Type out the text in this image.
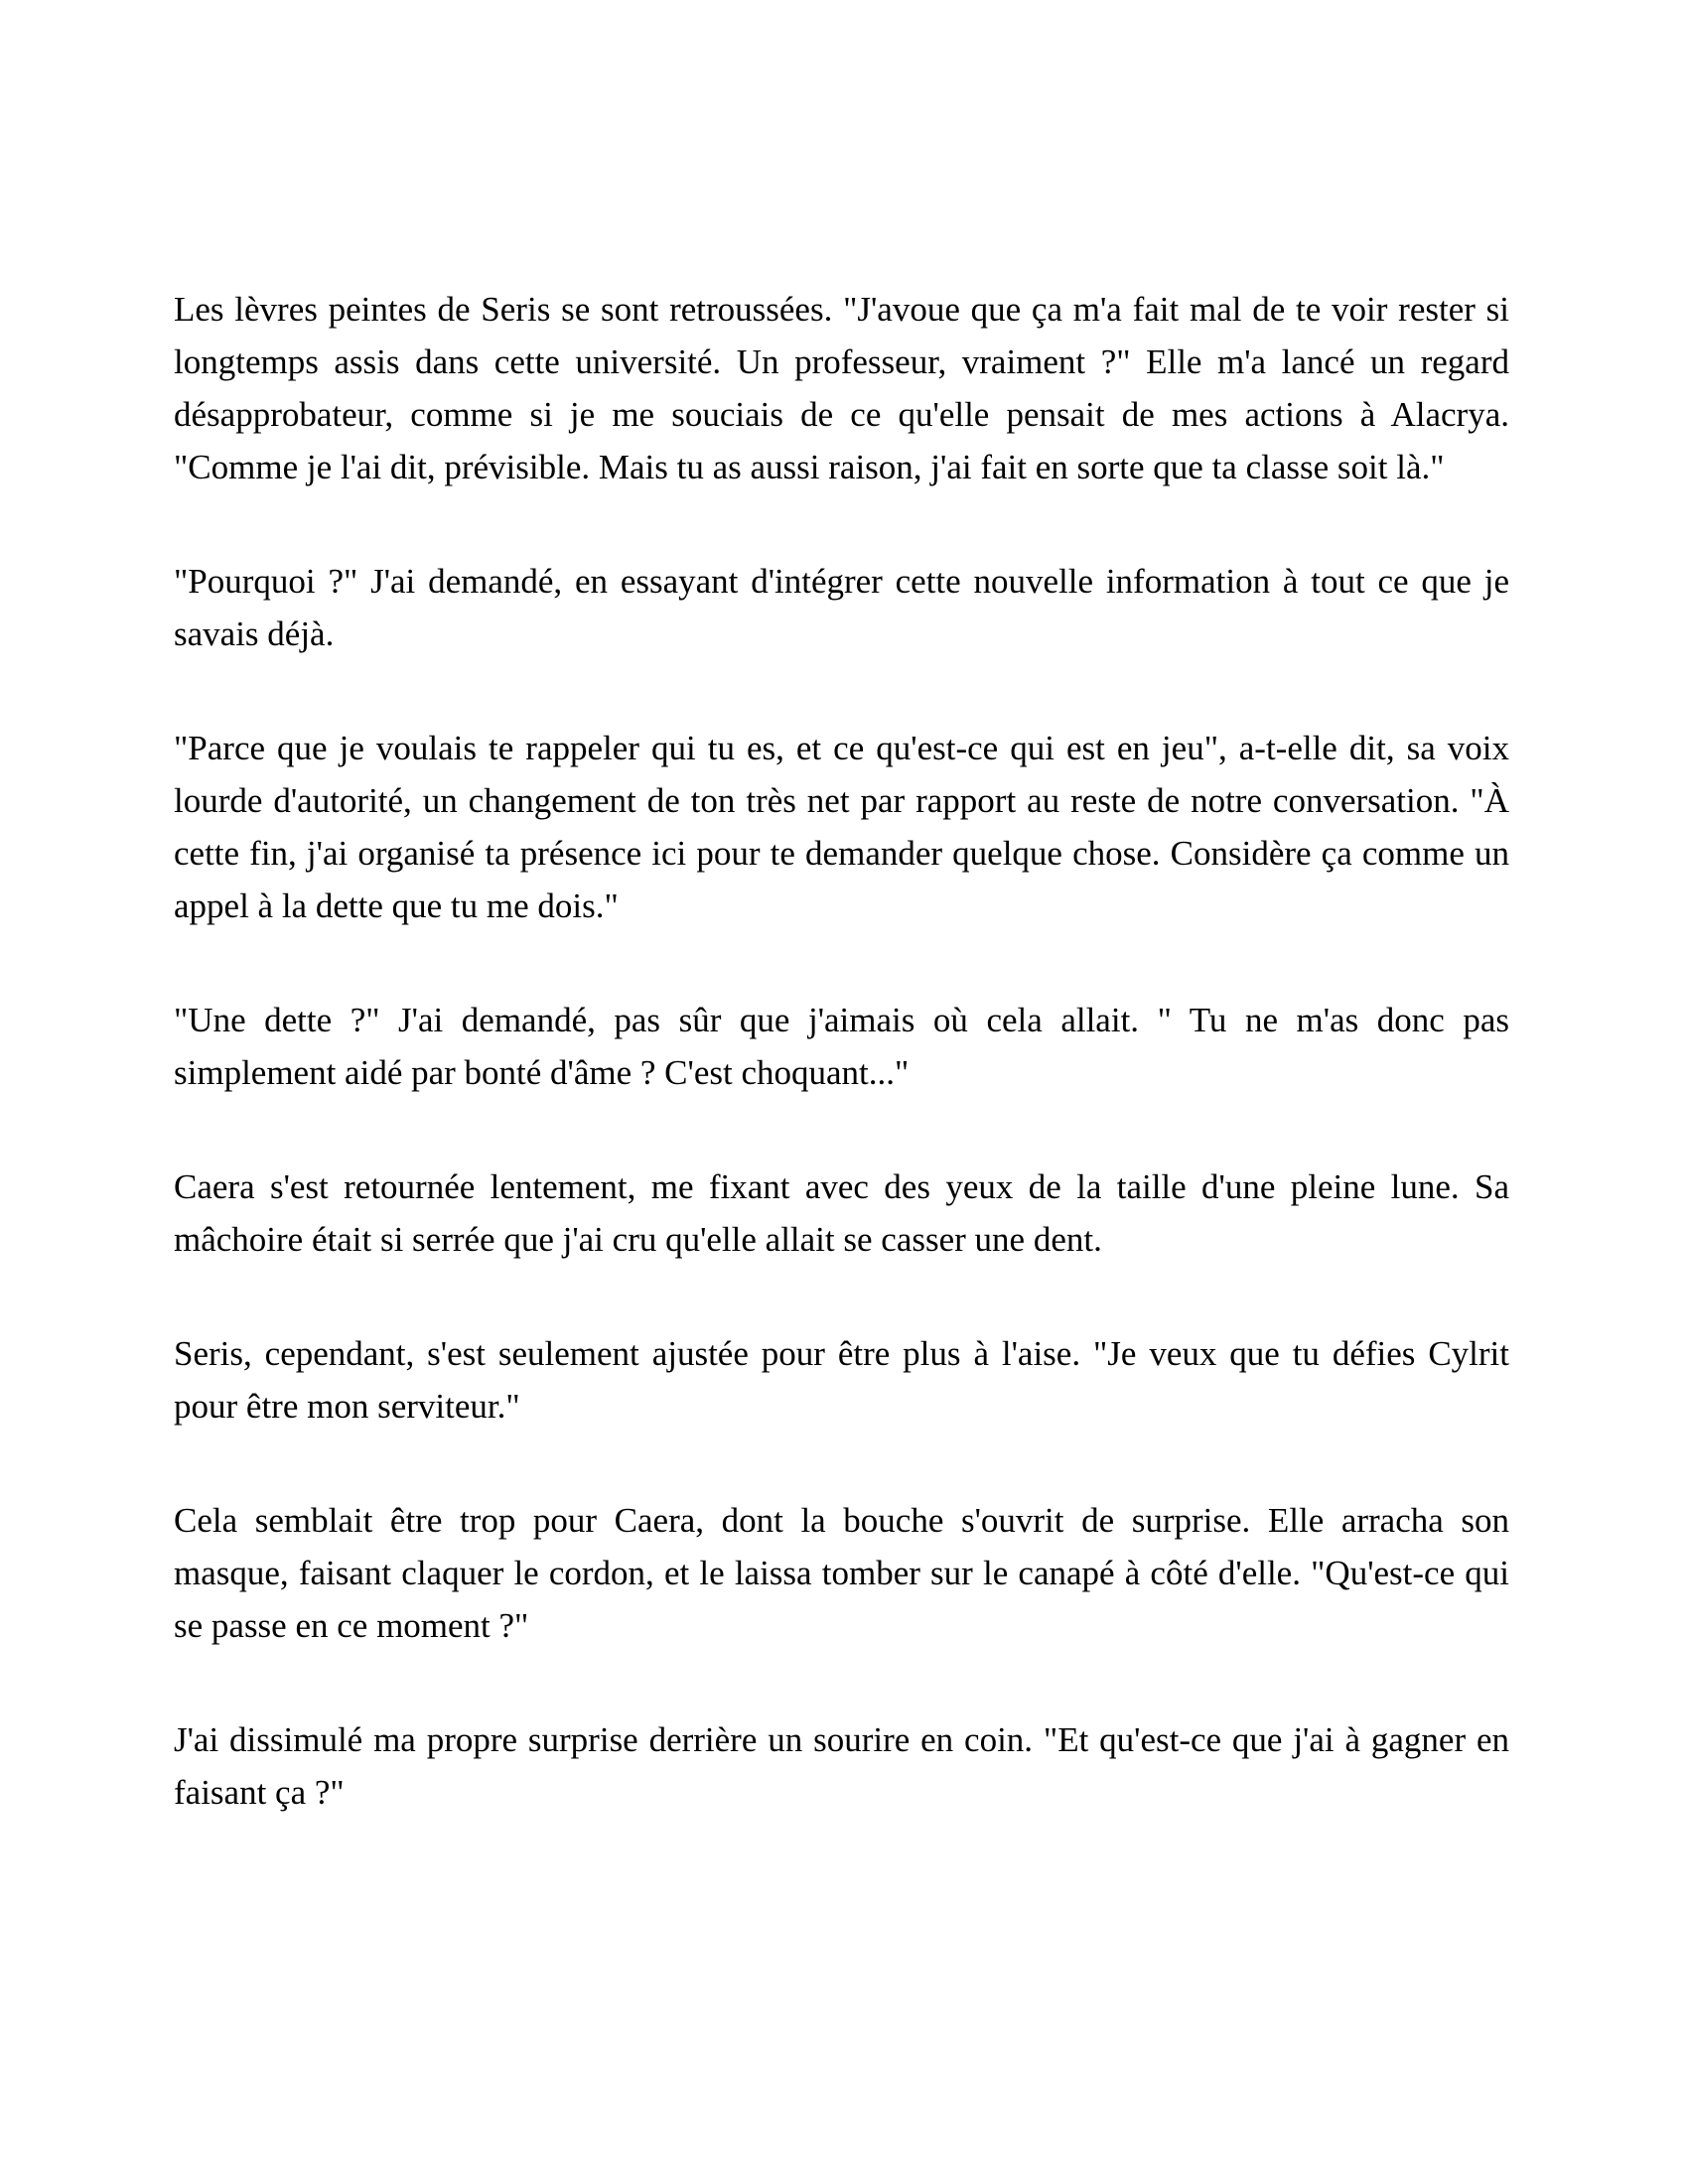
Les lèvres peintes de Seris se sont retroussées. "J'avoue que ça m'a fait mal de te voir rester si longtemps assis dans cette université. Un professeur, vraiment ?" Elle m'a lancé un regard désapprobateur, comme si je me souciais de ce qu'elle pensait de mes actions à Alacrya. "Comme je l'ai dit, prévisible. Mais tu as aussi raison, j'ai fait en sorte que ta classe soit là."

"Pourquoi ?" J'ai demandé, en essayant d'intégrer cette nouvelle information à tout ce que je savais déjà.

"Parce que je voulais te rappeler qui tu es, et ce qu'est-ce qui est en jeu", a-t-elle dit, sa voix lourde d'autorité, un changement de ton très net par rapport au reste de notre conversation. "À cette fin, j'ai organisé ta présence ici pour te demander quelque chose. Considère ça comme un appel à la dette que tu me dois."

"Une dette ?" J'ai demandé, pas sûr que j'aimais où cela allait. " Tu ne m'as donc pas simplement aidé par bonté d'âme ? C'est choquant..."

Caera s'est retournée lentement, me fixant avec des yeux de la taille d'une pleine lune. Sa mâchoire était si serrée que j'ai cru qu'elle allait se casser une dent.

Seris, cependant, s'est seulement ajustée pour être plus à l'aise. "Je veux que tu défies Cylrit pour être mon serviteur."

Cela semblait être trop pour Caera, dont la bouche s'ouvrit de surprise. Elle arracha son masque, faisant claquer le cordon, et le laissa tomber sur le canapé à côté d'elle. "Qu'est-ce qui se passe en ce moment ?"

J'ai dissimulé ma propre surprise derrière un sourire en coin. "Et qu'est-ce que j'ai à gagner en faisant ça ?"
